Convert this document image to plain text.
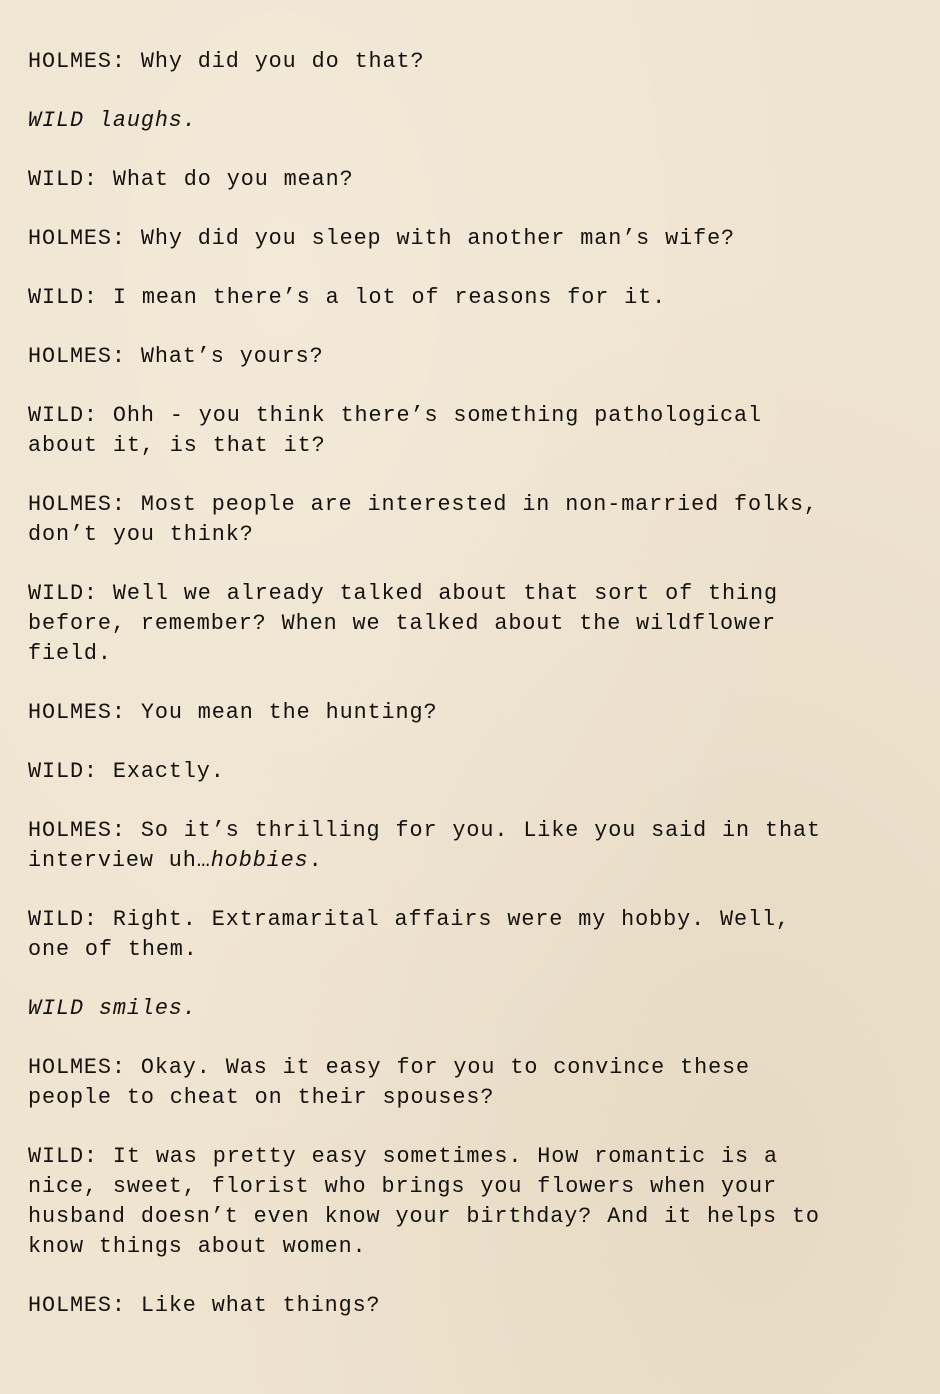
HOLMES: Why did you do that?

WILD laughs.

WILD: What do you mean?

HOLMES: Why did you sleep with another man’s wife?

WILD: I mean there’s a lot of reasons for it.

HOLMES: What’s yours?

WILD: Ohh - you think there’s something pathological
about it, is that it?

HOLMES: Most people are interested in non-married folks,
don’t you think?

WILD: Well we already talked about that sort of thing
before, remember? When we talked about the wildflower
field.

HOLMES: You mean the hunting?

WILD: Exactly.

HOLMES: So it’s thrilling for you. Like you said in that
interview uh…hobbies.

WILD: Right. Extramarital affairs were my hobby. Well,
one of them.

WILD smiles.

HOLMES: Okay. Was it easy for you to convince these
people to cheat on their spouses?

WILD: It was pretty easy sometimes. How romantic is a
nice, sweet, florist who brings you flowers when your
husband doesn’t even know your birthday? And it helps to
know things about women.

HOLMES: Like what things?
